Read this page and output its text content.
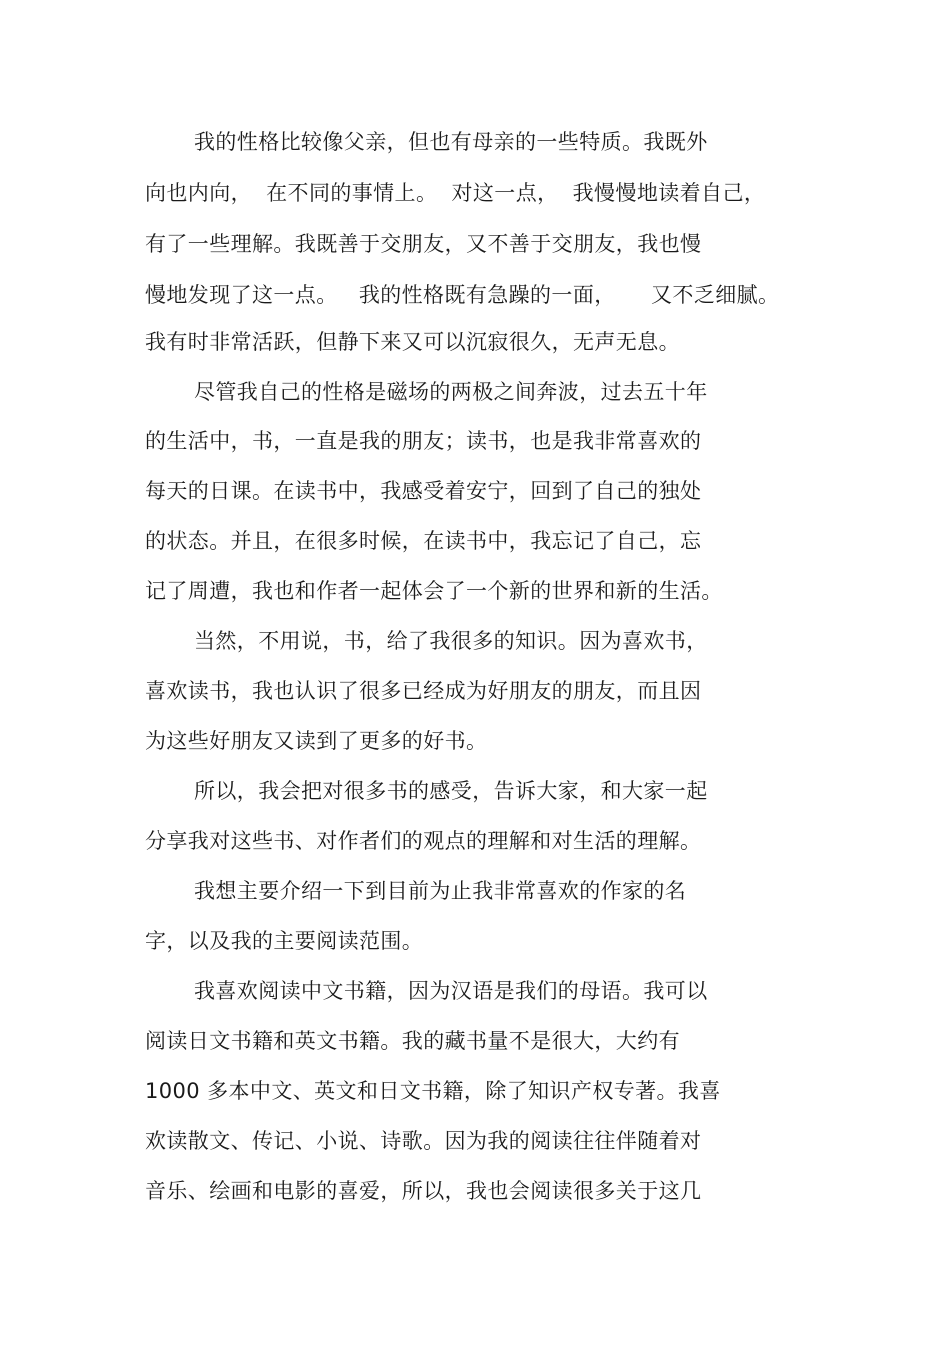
我的性格比较像父亲，但也有母亲的一些特质。我既外
向也内向，  在不同的事情上。  对这一点，  我慢慢地读着自己，
有了一些理解。我既善于交朋友，又不善于交朋友，我也慢
慢地发现了这一点。   我的性格既有急躁的一面，     又不乏细腻。
我有时非常活跃，但静下来又可以沉寂很久，无声无息。
尽管我自己的性格是磁场的两极之间奔波，过去五十年
的生活中，书，一直是我的朋友；读书，也是我非常喜欢的
每天的日课。在读书中，我感受着安宁，回到了自己的独处
的状态。并且，在很多时候，在读书中，我忘记了自己，忘
记了周遭，我也和作者一起体会了一个新的世界和新的生活。
当然，不用说，书，给了我很多的知识。因为喜欢书，
喜欢读书，我也认识了很多已经成为好朋友的朋友，而且因
为这些好朋友又读到了更多的好书。
所以，我会把对很多书的感受，告诉大家，和大家一起
分享我对这些书、对作者们的观点的理解和对生活的理解。
我想主要介绍一下到目前为止我非常喜欢的作家的名
字，以及我的主要阅读范围。
我喜欢阅读中文书籍，因为汉语是我们的母语。我可以
阅读日文书籍和英文书籍。我的藏书量不是很大，大约有
1000 多本中文、英文和日文书籍，除了知识产权专著。我喜
欢读散文、传记、小说、诗歌。因为我的阅读往往伴随着对
音乐、绘画和电影的喜爱，所以，我也会阅读很多关于这几
